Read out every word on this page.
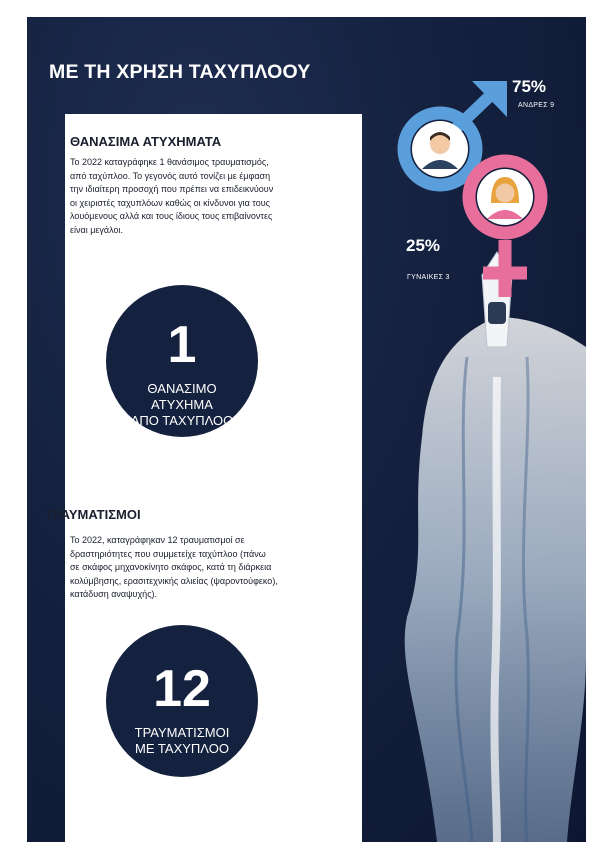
ΜΕ ΤΗ ΧΡΗΣΗ ΤΑΧΥΠΛΟΟΥ

75%

ΑΝΔΡΕΣ 9

25%

ΓΥΝΑΙΚΕΣ 3

ΘΑΝΑΣΙΜΑ ΑΤΥΧΗΜΑΤΑ
Το 2022 καταγράφηκε 1 θανάσιμος τραυματισμός,
από ταχύπλοο. Το γεγονός αυτό τονίζει με έμφαση
την ιδιαίτερη προσοχή που πρέπει να επιδεικνύουν
οι χειριστές ταχυπλόων καθώς οι κίνδυνοι για τους
λουόμενους αλλά και τους ίδιους τους επιβαίνοντες
είναι μεγάλοι.
1
ΘΑΝΑΣΙΜΟ
ΑΤΥΧΗΜΑ
ΑΠΟ ΤΑΧΥΠΛΟΟ
ΤΡΑΥΜΑΤΙΣΜΟΙ
Το 2022, καταγράφηκαν 12 τραυματισμοί σε
δραστηριότητες που συμμετείχε ταχύπλοο (πάνω
σε σκάφος μηχανοκίνητο σκάφος, κατά τη διάρκεια
κολύμβησης, ερασιτεχνικής αλιείας (ψαροντούφεκο),
κατάδυση αναψυχής).
12
ΤΡΑΥΜΑΤΙΣΜΟΙ
ΜΕ ΤΑΧΥΠΛΟΟ
